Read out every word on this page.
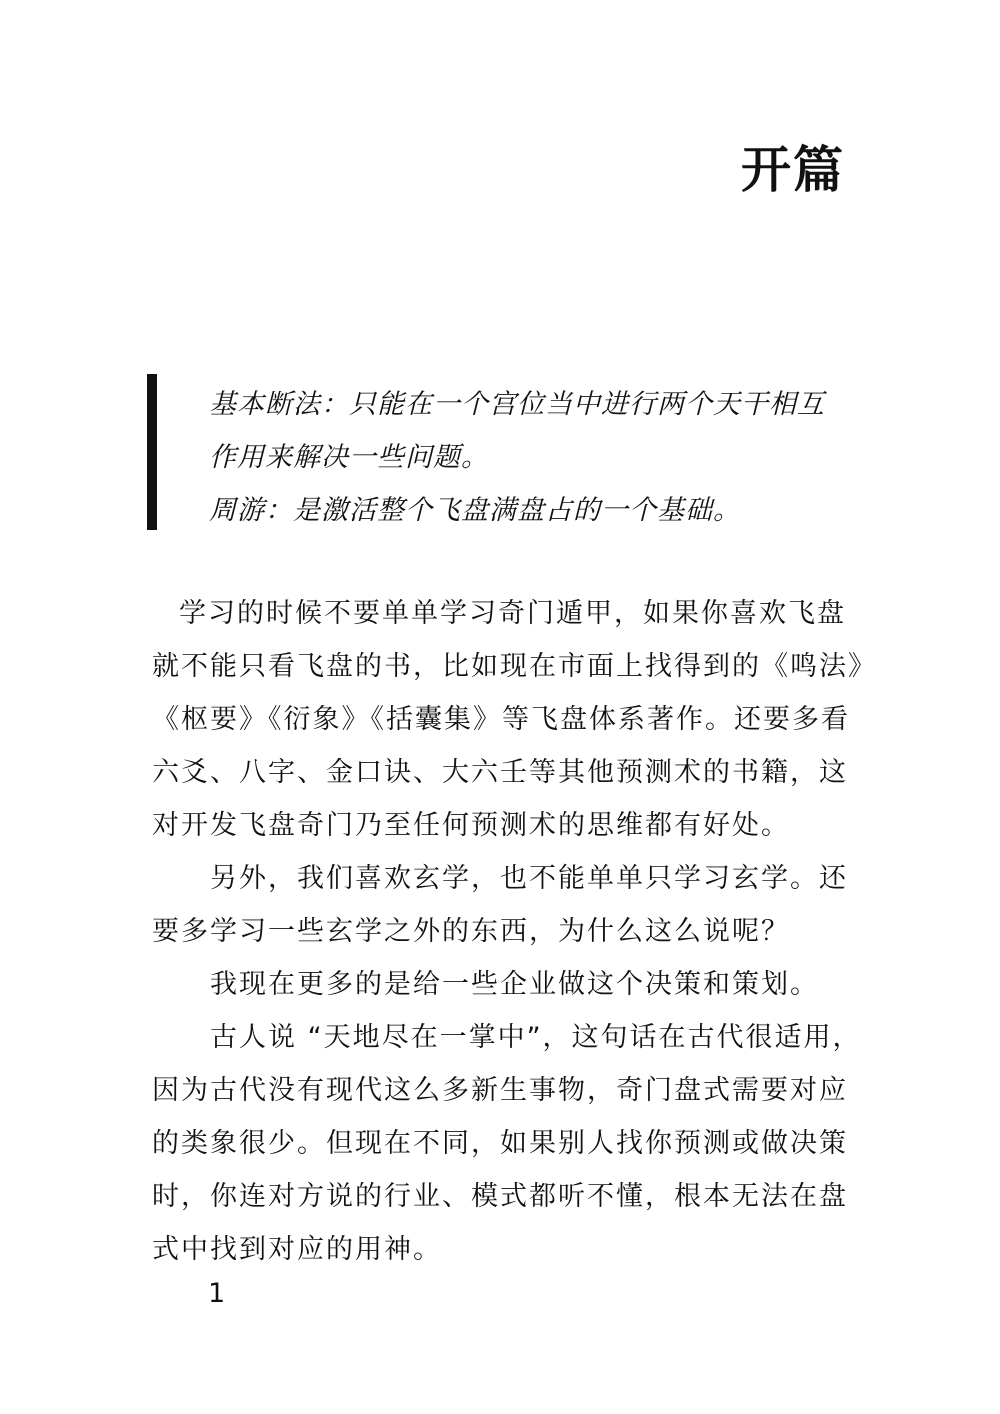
开篇
基本断法：只能在一个宫位当中进行两个天干相互
作用来解决一些问题。
周游：是激活整个飞盘满盘占的一个基础。

学习的时候不要单单学习奇门遁甲，如果你喜欢飞盘
就不能只看飞盘的书，比如现在市面上找得到的《鸣法》
《枢要》《衍象》《括囊集》等飞盘体系著作。还要多看
六爻、八字、金口诀、大六壬等其他预测术的书籍，这
对开发飞盘奇门乃至任何预测术的思维都有好处。

另外，我们喜欢玄学，也不能单单只学习玄学。还
要多学习一些玄学之外的东西，为什么这么说呢？

我现在更多的是给一些企业做这个决策和策划。

古人说 “天地尽在一掌中”，这句话在古代很适用，
因为古代没有现代这么多新生事物，奇门盘式需要对应
的类象很少。但现在不同，如果别人找你预测或做决策
时，你连对方说的行业、模式都听不懂，根本无法在盘
式中找到对应的用神。

1
